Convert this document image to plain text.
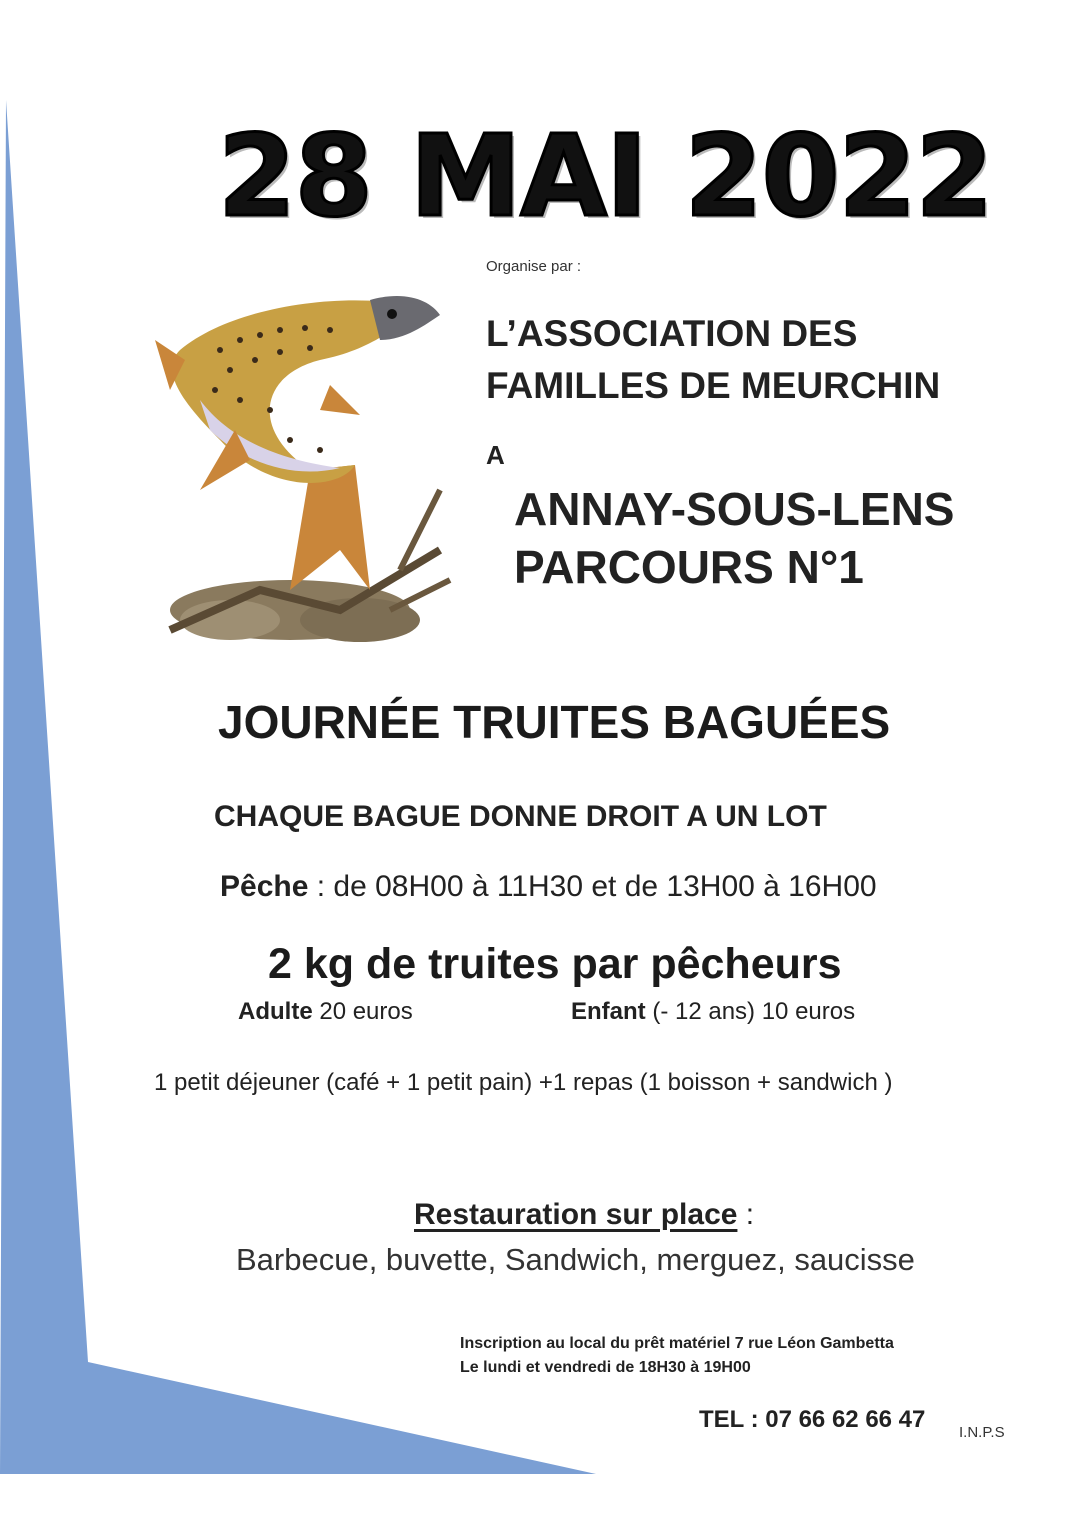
28 MAI 2022
Organise par :
L’ASSOCIATION DES
FAMILLES DE MEURCHIN
A
ANNAY-SOUS-LENS
PARCOURS N°1
JOURNÉE TRUITES BAGUÉES
CHAQUE BAGUE DONNE DROIT A UN LOT
Pêche : de 08H00 à 11H30 et de 13H00 à 16H00
2 kg de truites par pêcheurs
Adulte 20 euros	Enfant (- 12 ans) 10 euros
1 petit déjeuner (café + 1 petit pain) +1 repas (1 boisson + sandwich )
Restauration sur place :
Barbecue, buvette, Sandwich, merguez, saucisse
Inscription au local du prêt matériel 7 rue Léon Gambetta
Le lundi et vendredi de 18H30 à 19H00
TEL : 07 66 62 66 47 I.N.P.S
